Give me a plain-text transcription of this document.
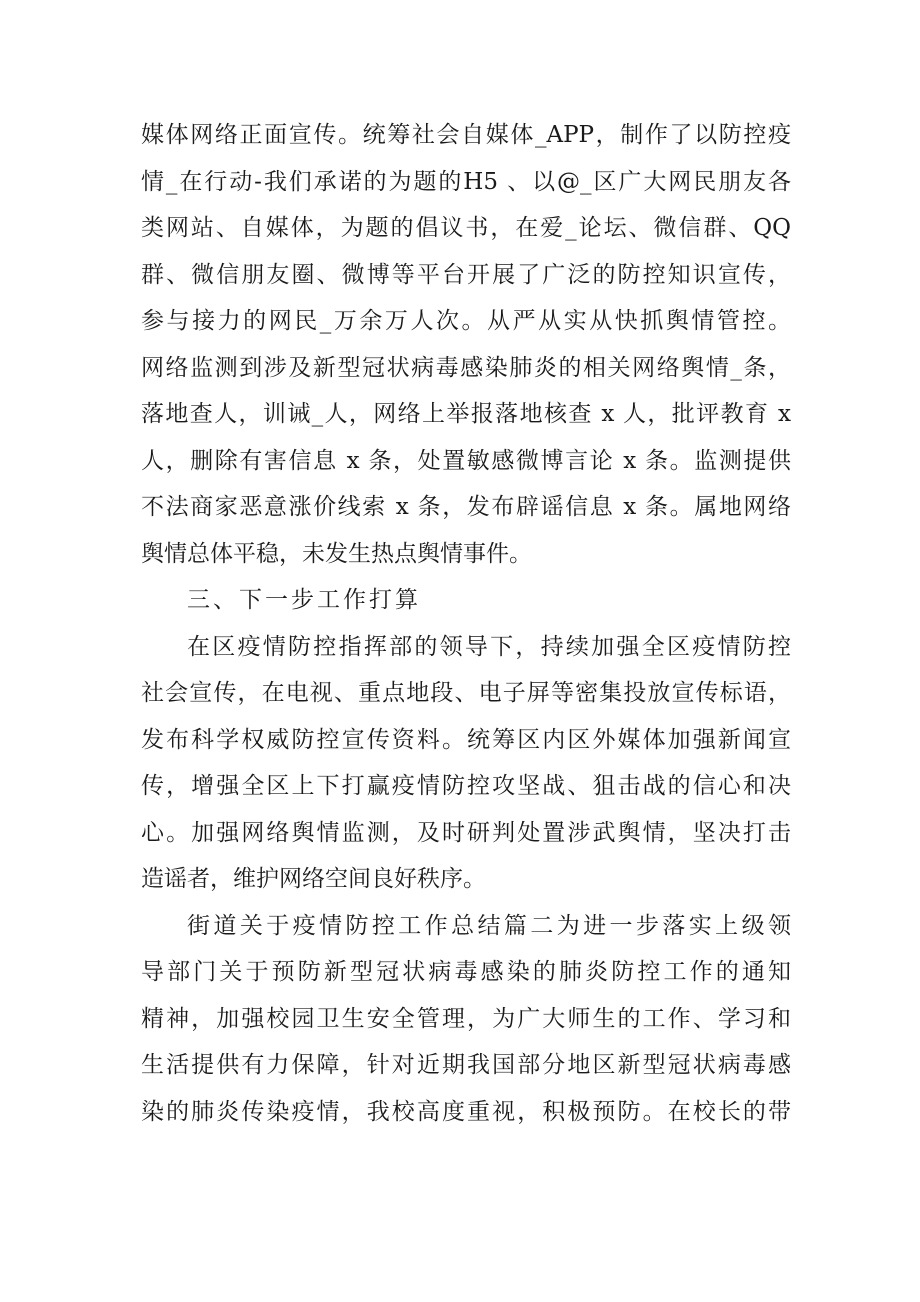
媒体网络正面宣传。统筹社会自媒体_APP，制作了以防控疫
情_在行动-我们承诺的为题的H5 、以@_区广大网民朋友各
类网站、自媒体，为题的倡议书，在爱_论坛、微信群、QQ
群、微信朋友圈、微博等平台开展了广泛的防控知识宣传，
参与接力的网民_万余万人次。从严从实从快抓舆情管控。
网络监测到涉及新型冠状病毒感染肺炎的相关网络舆情_条，
落地查人，训诫_人，网络上举报落地核查 x 人，批评教育 x
人，删除有害信息 x 条，处置敏感微博言论 x 条。监测提供
不法商家恶意涨价线索 x 条，发布辟谣信息 x 条。属地网络
舆情总体平稳，未发生热点舆情事件。
三、下一步工作打算
在区疫情防控指挥部的领导下，持续加强全区疫情防控
社会宣传，在电视、重点地段、电子屏等密集投放宣传标语，
发布科学权威防控宣传资料。统筹区内区外媒体加强新闻宣
传，增强全区上下打赢疫情防控攻坚战、狙击战的信心和决
心。加强网络舆情监测，及时研判处置涉武舆情，坚决打击
造谣者，维护网络空间良好秩序。
街道关于疫情防控工作总结篇二为进一步落实上级领
导部门关于预防新型冠状病毒感染的肺炎防控工作的通知
精神，加强校园卫生安全管理，为广大师生的工作、学习和
生活提供有力保障，针对近期我国部分地区新型冠状病毒感
染的肺炎传染疫情，我校高度重视，积极预防。在校长的带
